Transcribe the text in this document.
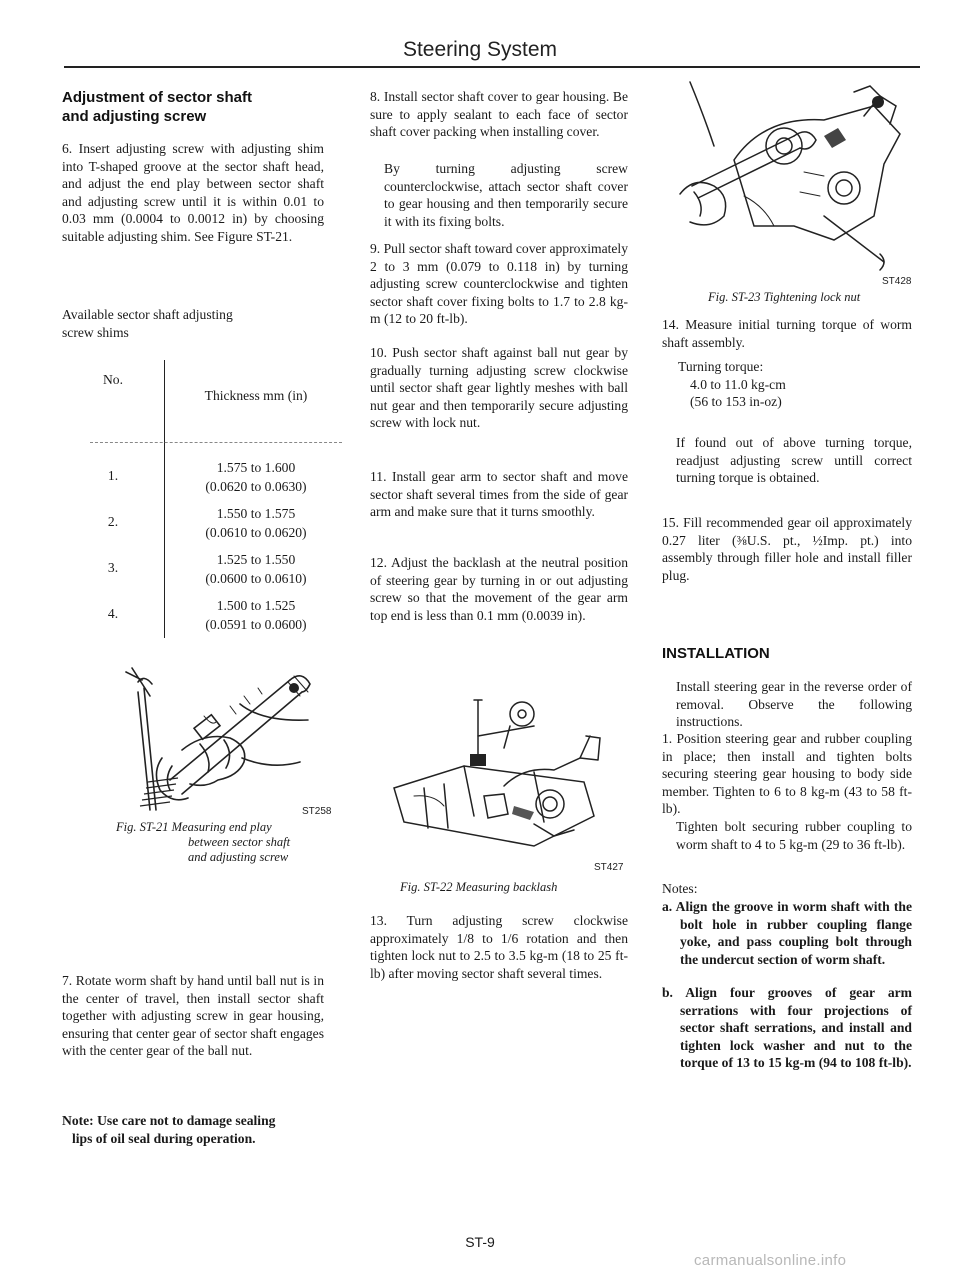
Steering System
Adjustment of sector shaft
and adjusting screw
6. Insert adjusting screw with adjusting shim into T-shaped groove at the sector shaft head, and adjust the end play between sector shaft and adjusting screw until it is within 0.01 to 0.03 mm (0.0004 to 0.0012 in) by choosing suitable adjusting shim. See Figure ST-21.
Available sector shaft adjusting
screw shims
No.
Thickness mm (in)
1.
1.575 to 1.600
(0.0620 to 0.0630)
2.
1.550 to 1.575
(0.0610 to 0.0620)
3.
1.525 to 1.550
(0.0600 to 0.0610)
4.
1.500 to 1.525
(0.0591 to 0.0600)
ST258
Fig. ST-21 Measuring end play
between sector shaft
and adjusting screw
7. Rotate worm shaft by hand until ball nut is in the center of travel, then install sector shaft together with adjusting screw in gear housing, ensuring that center gear of sector shaft engages with the center gear of the ball nut.
Note: Use care not to damage sealing
lips of oil seal during operation.
8. Install sector shaft cover to gear housing. Be sure to apply sealant to each face of sector shaft cover packing when installing cover.
By turning adjusting screw counterclockwise, attach sector shaft cover to gear housing and then temporarily secure it with its fixing bolts.
9. Pull sector shaft toward cover approximately 2 to 3 mm (0.079 to 0.118 in) by turning adjusting screw counterclockwise and tighten sector shaft cover fixing bolts to 1.7 to 2.8 kg-m (12 to 20 ft-lb).
10. Push sector shaft against ball nut gear by gradually turning adjusting screw clockwise until sector shaft gear lightly meshes with ball nut gear and then temporarily secure adjusting screw with lock nut.
11. Install gear arm to sector shaft and move sector shaft several times from the side of gear arm and make sure that it turns smoothly.
12. Adjust the backlash at the neutral position of steering gear by turning in or out adjusting screw so that the movement of the gear arm top end is less than 0.1 mm (0.0039 in).
ST427
Fig. ST-22 Measuring backlash
13. Turn adjusting screw clockwise approximately 1/8 to 1/6 rotation and then tighten lock nut to 2.5 to 3.5 kg-m (18 to 25 ft-lb) after moving sector shaft several times.
ST428
Fig. ST-23 Tightening lock nut
14. Measure initial turning torque of worm shaft assembly.
Turning torque:
4.0 to 11.0 kg-cm
(56 to 153 in-oz)
If found out of above turning torque, readjust adjusting screw untill correct turning torque is obtained.
15. Fill recommended gear oil approximately 0.27 liter (⅜U.S. pt., ½Imp. pt.) into assembly through filler hole and install filler plug.
INSTALLATION
Install steering gear in the reverse order of removal. Observe the following instructions.
1. Position steering gear and rubber coupling in place; then install and tighten bolts securing steering gear housing to body side member. Tighten to 6 to 8 kg-m (43 to 58 ft-lb).
Tighten bolt securing rubber coupling to worm shaft to 4 to 5 kg-m (29 to 36 ft-lb).
Notes:
a. Align the groove in worm shaft with the bolt hole in rubber coupling flange yoke, and pass coupling bolt through the undercut section of worm shaft.
b. Align four grooves of gear arm serrations with four projections of sector shaft serrations, and install and tighten lock washer and nut to the torque of 13 to 15 kg-m (94 to 108 ft-lb).
ST-9
carmanualsonline.info
